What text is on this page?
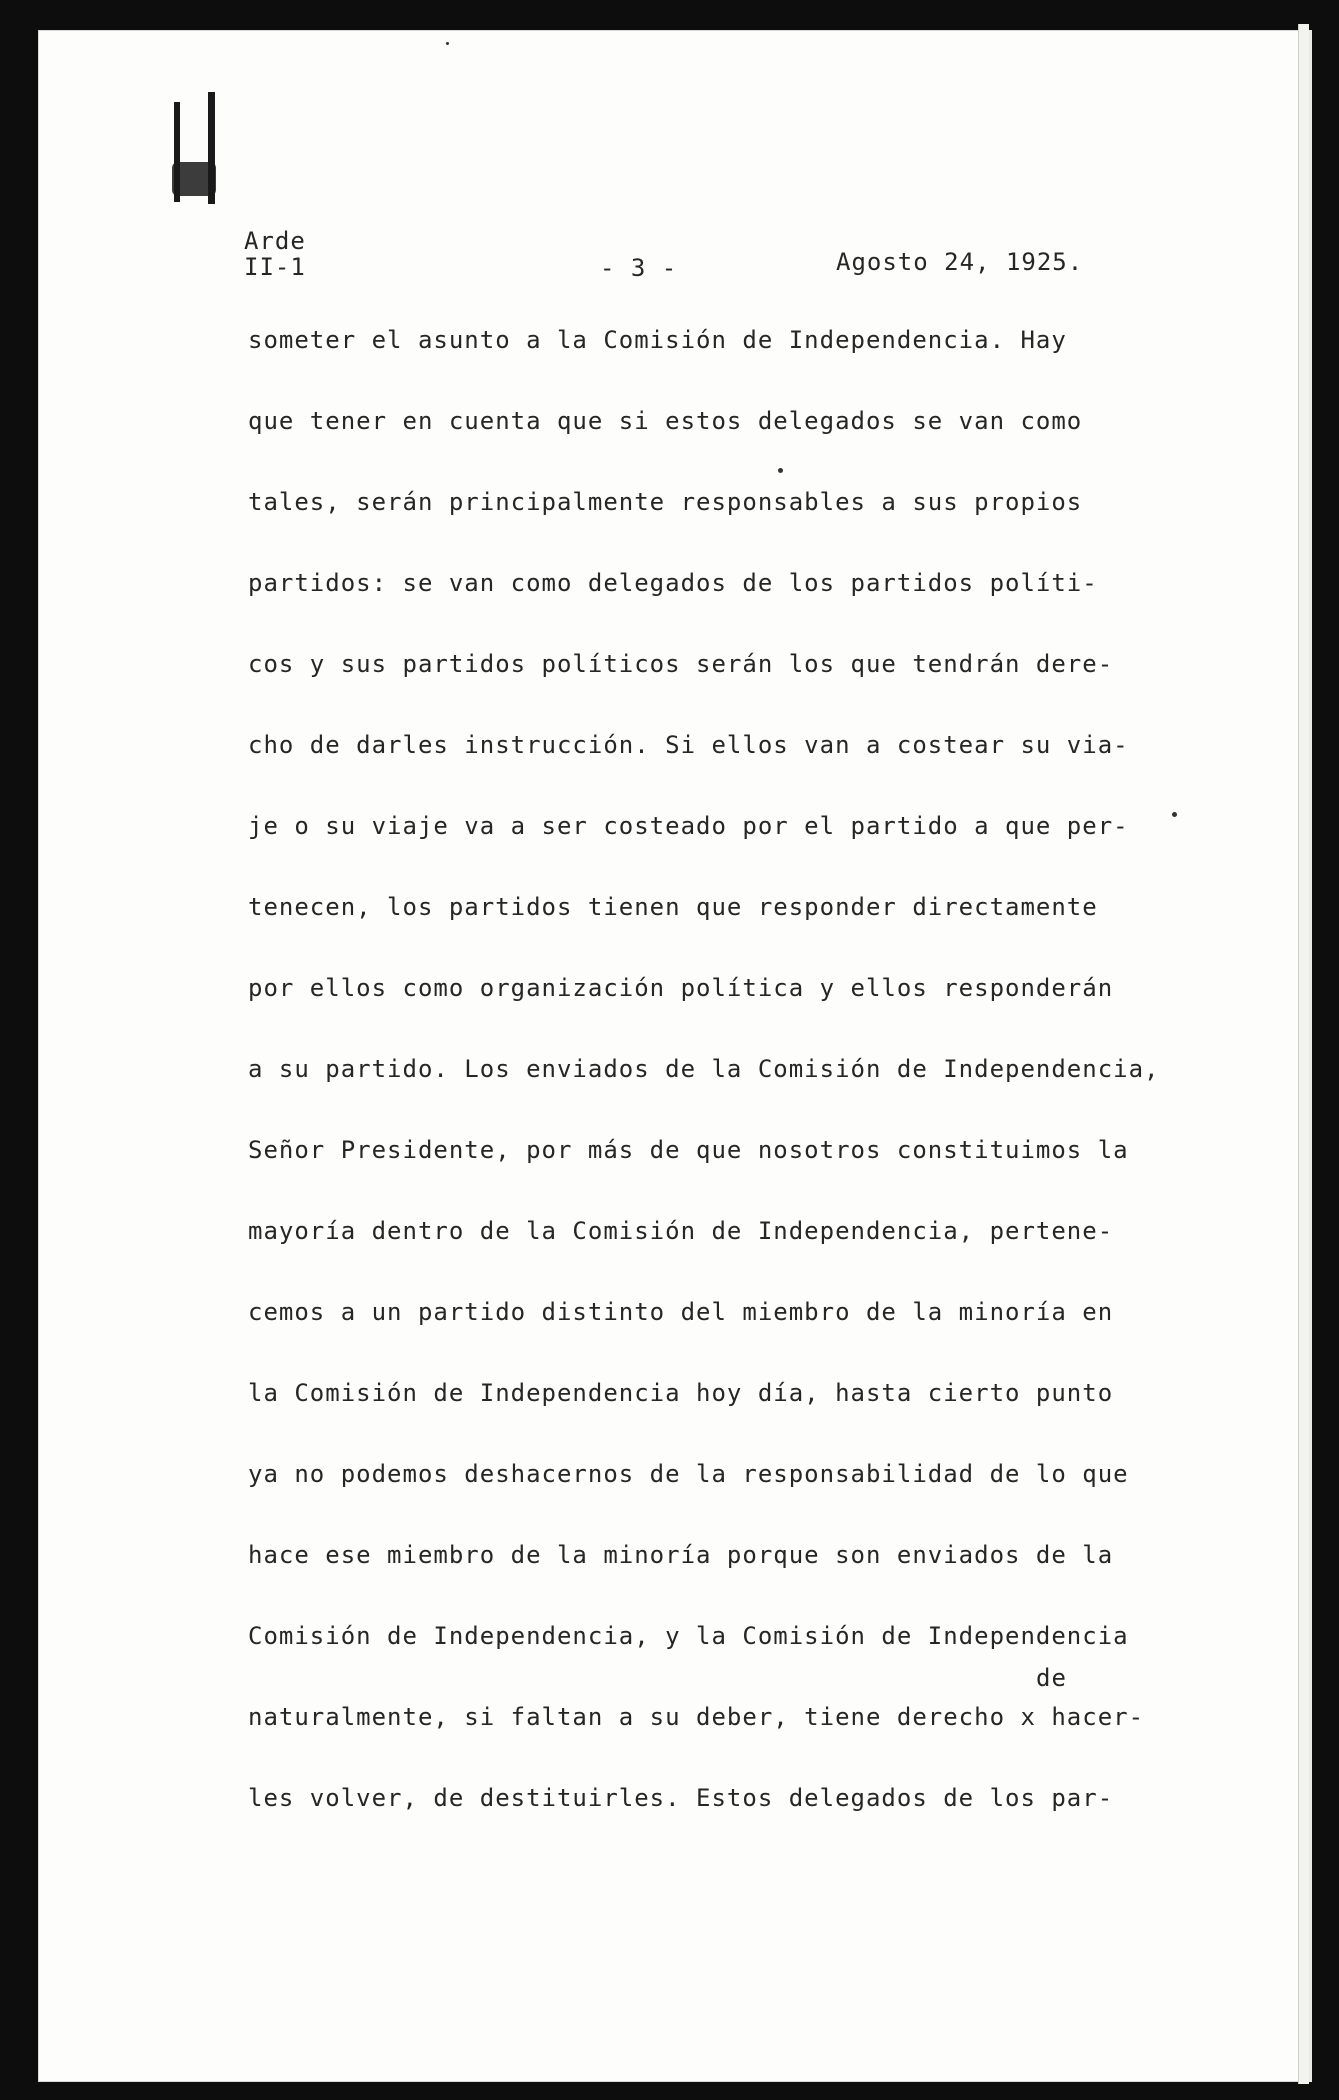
Arde
II-1	- 3 -	Agosto 24, 1925.
someter el asunto a la Comisión de Independencia. Hay
que tener en cuenta que si estos delegados se van como
tales, serán principalmente responsables a sus propios
partidos: se van como delegados de los partidos políti-
cos y sus partidos políticos serán los que tendrán dere-
cho de darles instrucción. Si ellos van a costear su via-
je o su viaje va a ser costeado por el partido a que per-
tenecen, los partidos tienen que responder directamente
por ellos como organización política y ellos responderán
a su partido. Los enviados de la Comisión de Independencia,
Señor Presidente, por más de que nosotros constituimos la
mayoría dentro de la Comisión de Independencia, pertene-
cemos a un partido distinto del miembro de la minoría en
la Comisión de Independencia hoy día, hasta cierto punto
ya no podemos deshacernos de la responsabilidad de lo que
hace ese miembro de la minoría porque son enviados de la
Comisión de Independencia, y la Comisión de Independencia
naturalmente, si faltan a su deber, tiene derecho x hacer-
les volver, de destituirles. Estos delegados de los par-
de
